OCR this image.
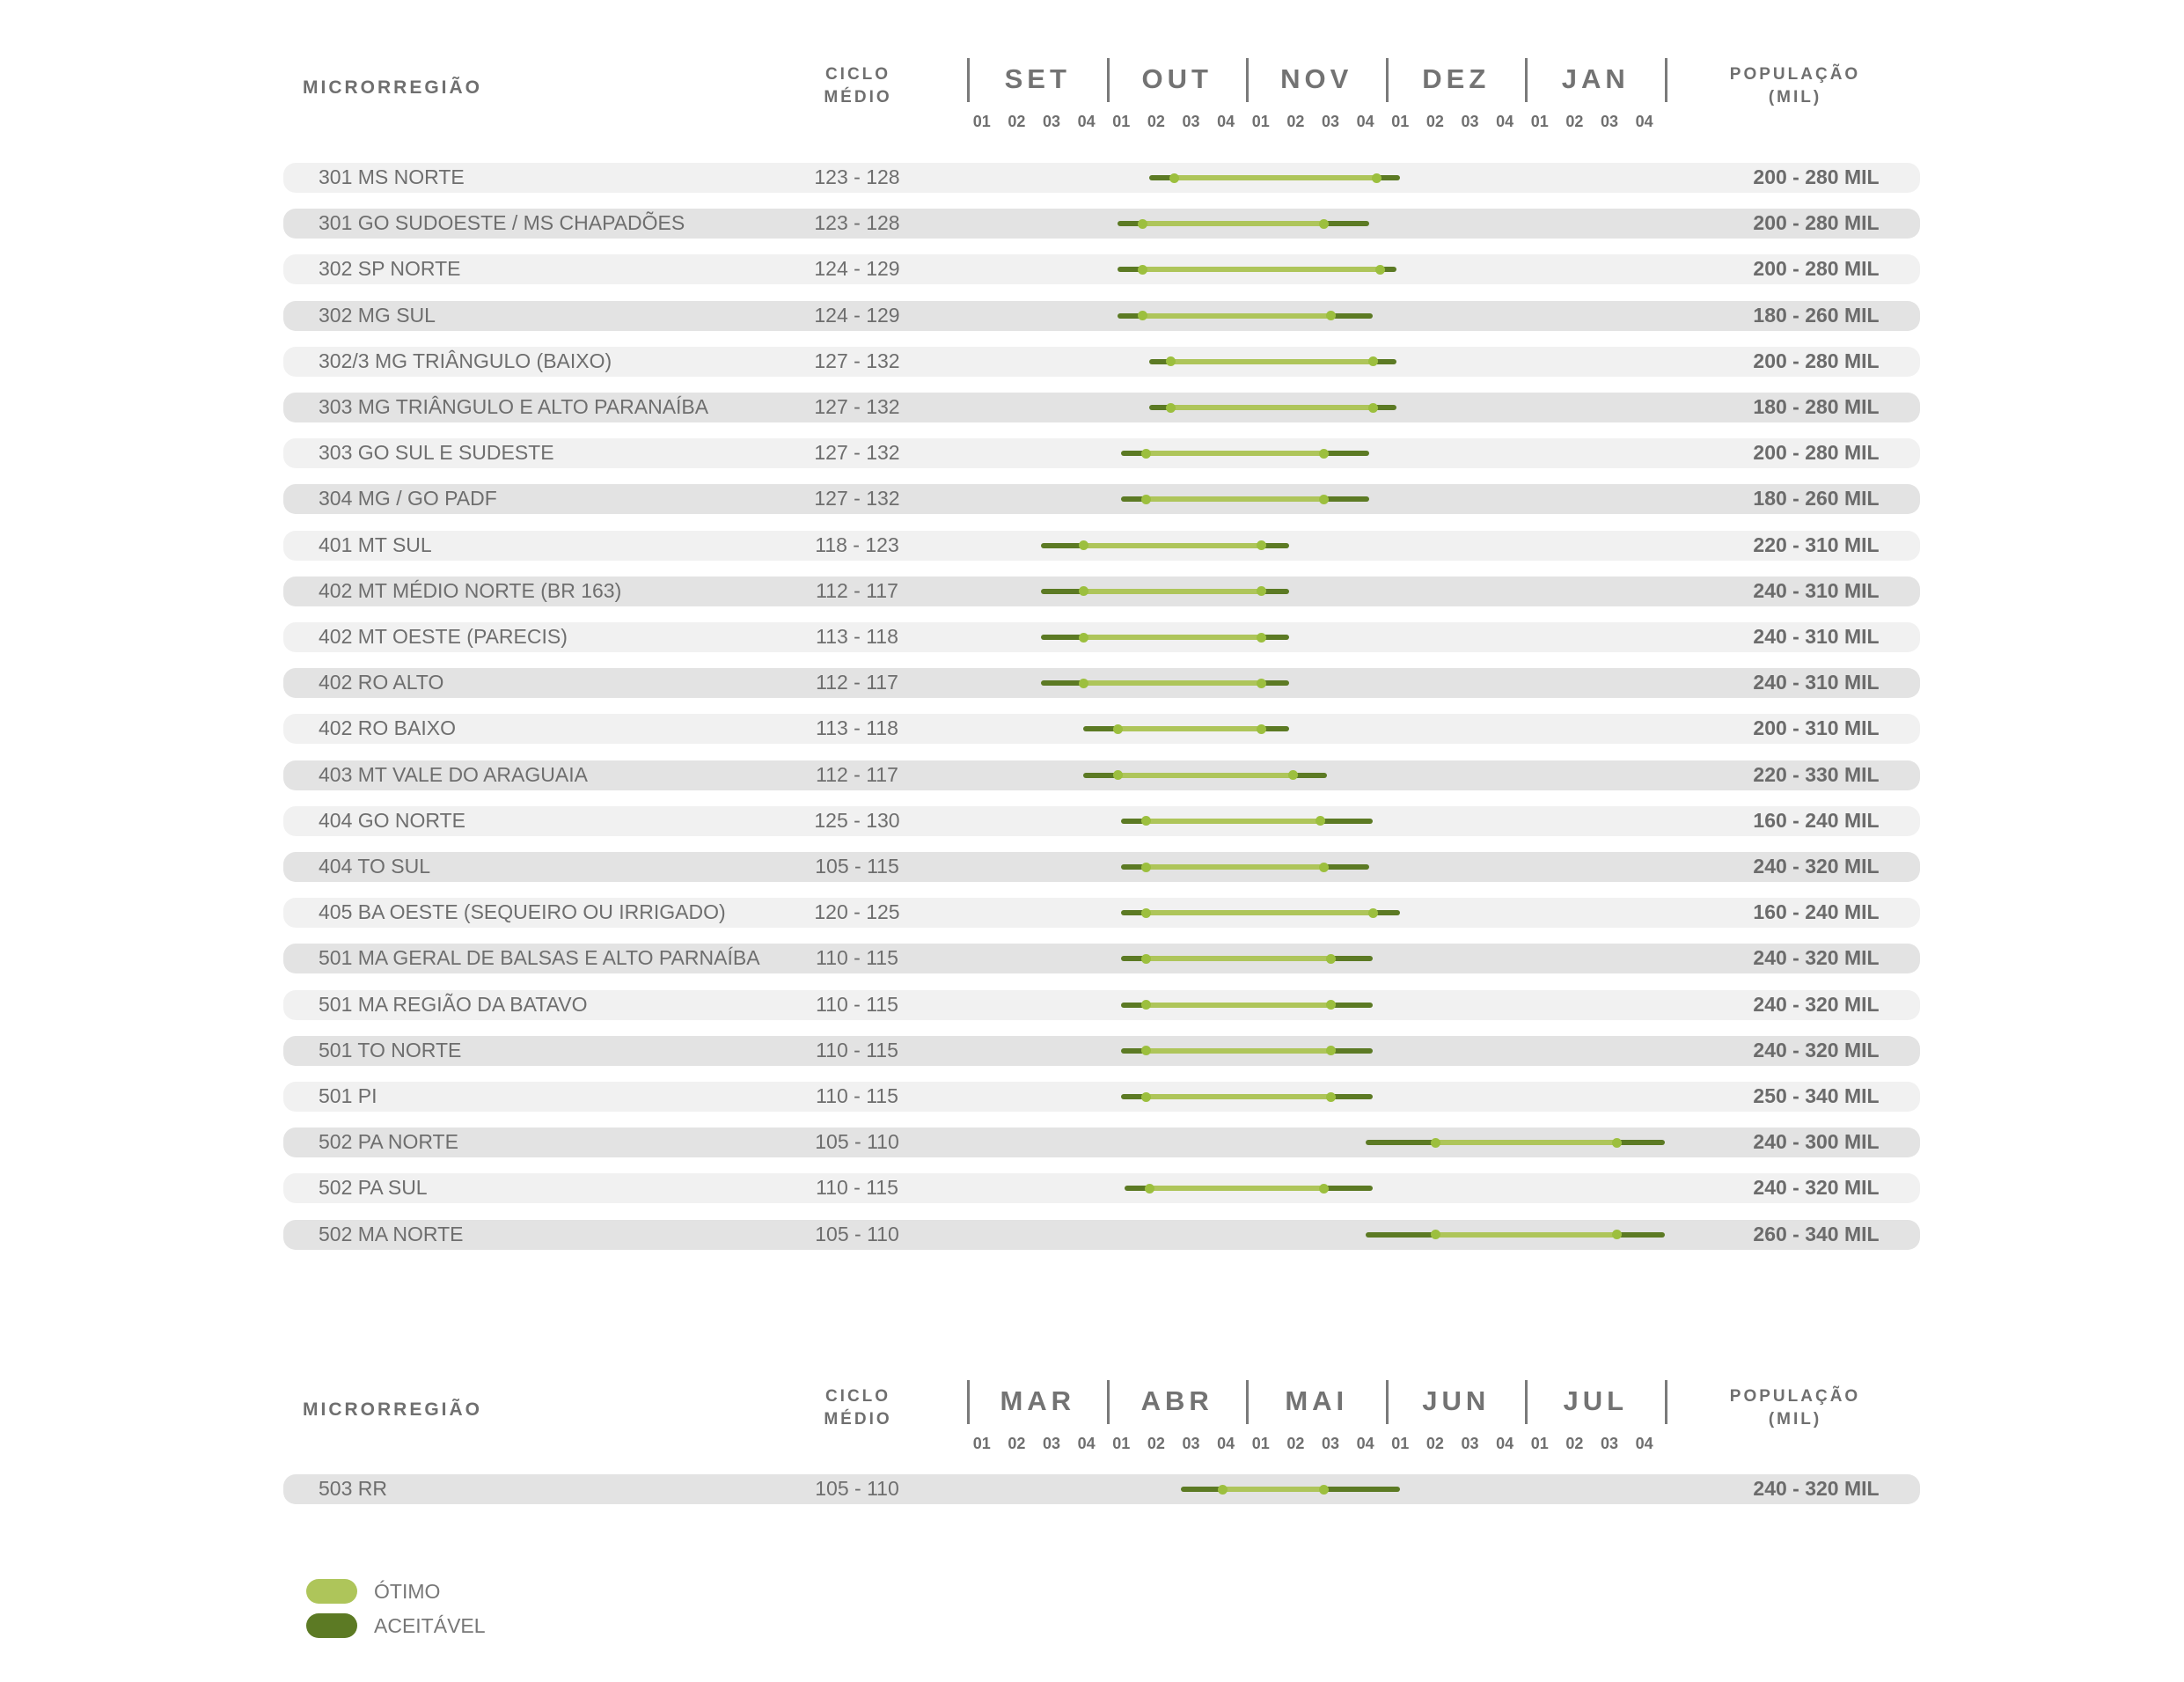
MICRORREGIÃO
CICLO
MÉDIO
POPULAÇÃO
(MIL)
SET
01	02	03	04
OUT
01	02	03	04
NOV
01	02	03	04
DEZ
01	02	03	04
JAN
01	02	03	04
301 MS NORTE	123 - 128	200 - 280 MIL
301 GO SUDOESTE / MS CHAPADÕES	123 - 128	200 - 280 MIL
302 SP NORTE	124 - 129	200 - 280 MIL
302 MG SUL	124 - 129	180 - 260 MIL
302/3 MG TRIÂNGULO (BAIXO)	127 - 132	200 - 280 MIL
303 MG TRIÂNGULO E ALTO PARANAÍBA	127 - 132	180 - 280 MIL
303 GO SUL E SUDESTE	127 - 132	200 - 280 MIL
304 MG / GO PADF	127 - 132	180 - 260 MIL
401 MT SUL	118 - 123	220 - 310 MIL
402 MT MÉDIO NORTE (BR 163)	112 - 117	240 - 310 MIL
402 MT OESTE (PARECIS)	113 - 118	240 - 310 MIL
402 RO ALTO	112 - 117	240 - 310 MIL
402 RO BAIXO	113 - 118	200 - 310 MIL
403 MT VALE DO ARAGUAIA	112 - 117	220 - 330 MIL
404 GO NORTE	125 - 130	160 - 240 MIL
404 TO SUL	105 - 115	240 - 320 MIL
405 BA OESTE (SEQUEIRO OU IRRIGADO)	120 - 125	160 - 240 MIL
501 MA GERAL DE BALSAS E ALTO PARNAÍBA	110 - 115	240 - 320 MIL
501 MA REGIÃO DA BATAVO	110 - 115	240 - 320 MIL
501 TO NORTE	110 - 115	240 - 320 MIL
501 PI	110 - 115	250 - 340 MIL
502 PA NORTE	105 - 110	240 - 300 MIL
502 PA SUL	110 - 115	240 - 320 MIL
502 MA NORTE	105 - 110	260 - 340 MIL
MICRORREGIÃO
CICLO
MÉDIO
POPULAÇÃO
(MIL)
MAR
01	02	03	04
ABR
01	02	03	04
MAI
01	02	03	04
JUN
01	02	03	04
JUL
01	02	03	04
503 RR	105 - 110	240 - 320 MIL
ÓTIMO
ACEITÁVEL
